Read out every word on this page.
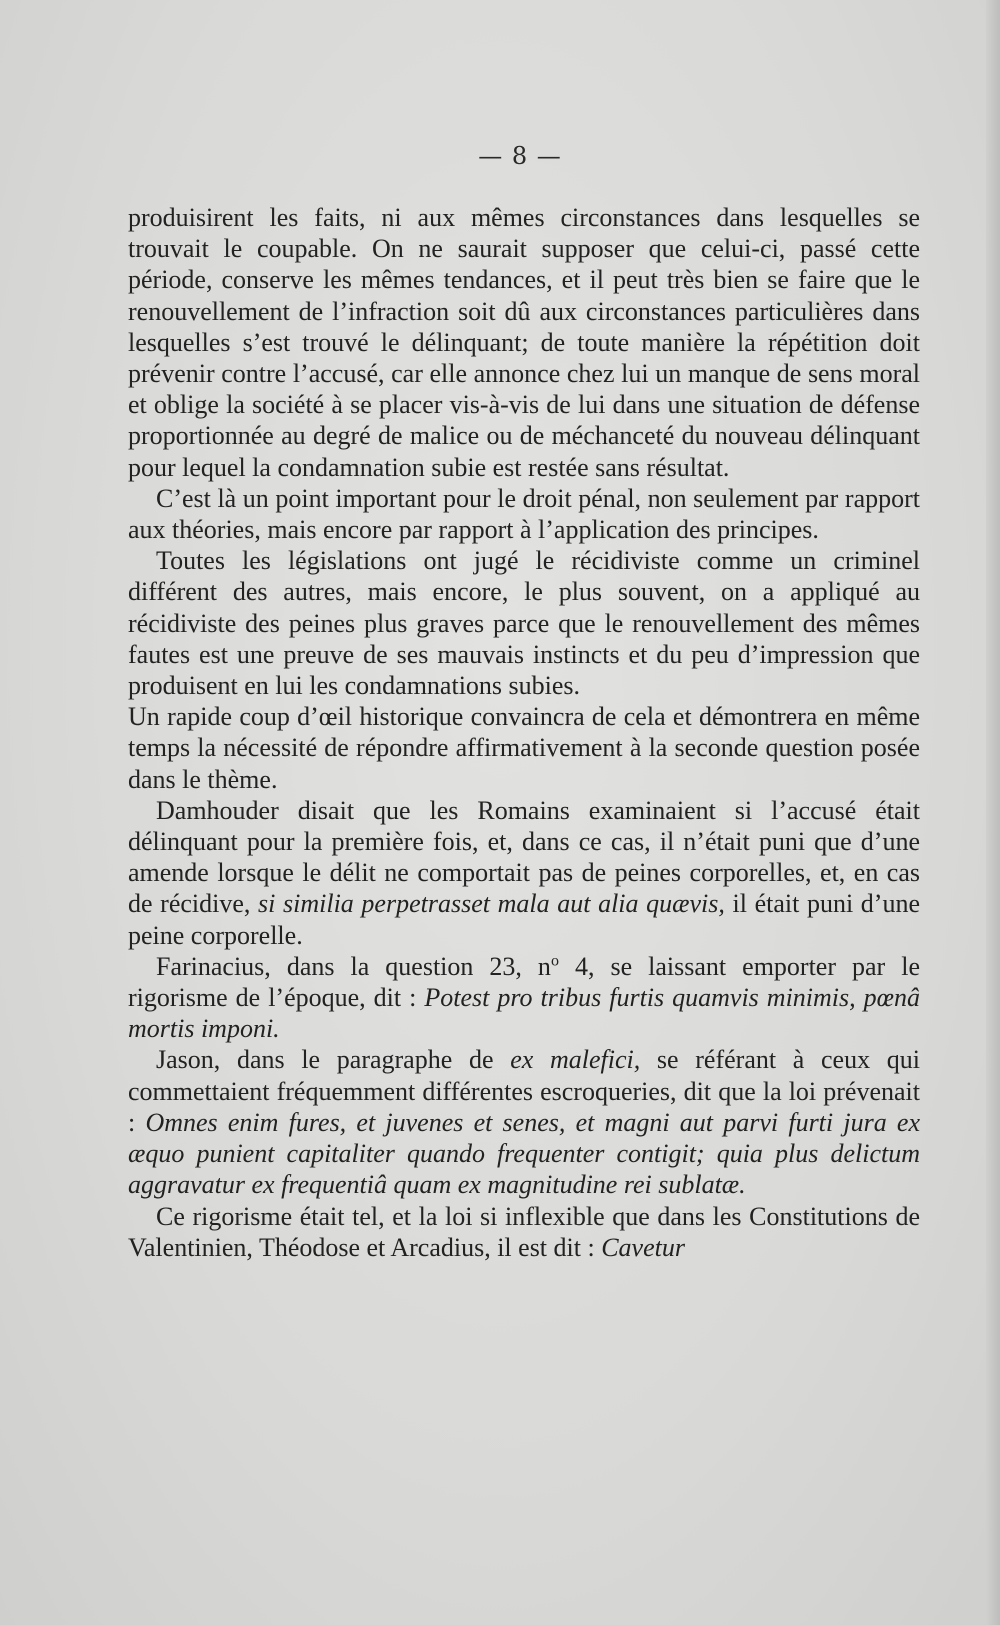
— 8 —

produisirent les faits, ni aux mêmes circonstances dans lesquelles se trouvait le coupable. On ne saurait supposer que celui-ci, passé cette période, conserve les mêmes tendances, et il peut très bien se faire que le renouvellement de l’infraction soit dû aux circonstances particulières dans lesquelles s’est trouvé le délinquant; de toute manière la répétition doit prévenir contre l’accusé, car elle annonce chez lui un manque de sens moral et oblige la société à se placer vis-à-vis de lui dans une situation de défense proportionnée au degré de malice ou de méchanceté du nouveau délinquant pour lequel la condamnation subie est restée sans résultat.

C’est là un point important pour le droit pénal, non seulement par rapport aux théories, mais encore par rapport à l’application des principes.

Toutes les législations ont jugé le récidiviste comme un criminel différent des autres, mais encore, le plus souvent, on a appliqué au récidiviste des peines plus graves parce que le renouvellement des mêmes fautes est une preuve de ses mauvais instincts et du peu d’impression que produisent en lui les condamnations subies.

Un rapide coup d’œil historique convaincra de cela et démontrera en même temps la nécessité de répondre affirmativement à la seconde question posée dans le thème.

Damhouder disait que les Romains examinaient si l’accusé était délinquant pour la première fois, et, dans ce cas, il n’était puni que d’une amende lorsque le délit ne comportait pas de peines corporelles, et, en cas de récidive, si similia perpetrasset mala aut alia quævis, il était puni d’une peine corporelle.

Farinacius, dans la question 23, $n^o$ 4, se laissant emporter par le rigorisme de l’époque, dit : Potest pro tribus furtis quamvis minimis, pœnâ mortis imponi.

Jason, dans le paragraphe de ex malefici, se référant à ceux qui commettaient fréquemment différentes escroqueries, dit que la loi prévenait : Omnes enim fures, et juvenes et senes, et magni aut parvi furti jura ex æquo punient capitaliter quando frequenter contigit; quia plus delictum aggravatur ex frequentiâ quam ex magnitudine rei sublatæ.

Ce rigorisme était tel, et la loi si inflexible que dans les Constitutions de Valentinien, Théodose et Arcadius, il est dit : Cavetur
